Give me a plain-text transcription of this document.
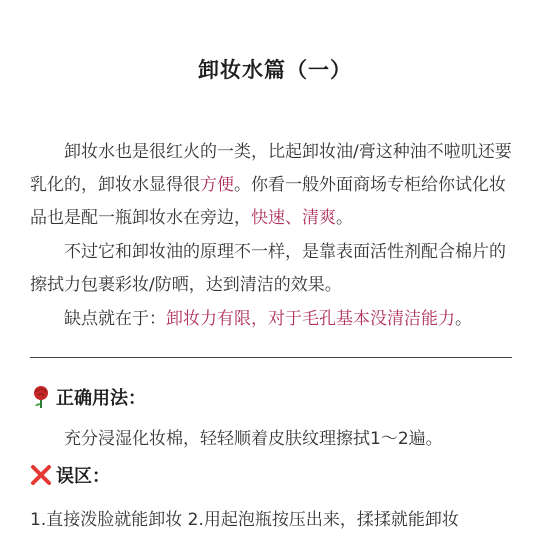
卸妆水篇（一）

卸妆水也是很红火的一类，比起卸妆油/膏这种油不啦叽还要乳化的，卸妆水显得很方便。你看一般外面商场专柜给你试化妆品也是配一瓶卸妆水在旁边，快速、清爽。

不过它和卸妆油的原理不一样，是靠表面活性剂配合棉片的擦拭力包裹彩妆/防晒，达到清洁的效果。

缺点就在于：卸妆力有限，对于毛孔基本没清洁能力。

正确用法：
充分浸湿化妆棉，轻轻顺着皮肤纹理擦拭1～2遍。
误区：
1.直接泼脸就能卸妆 2.用起泡瓶按压出来，揉揉就能卸妆
